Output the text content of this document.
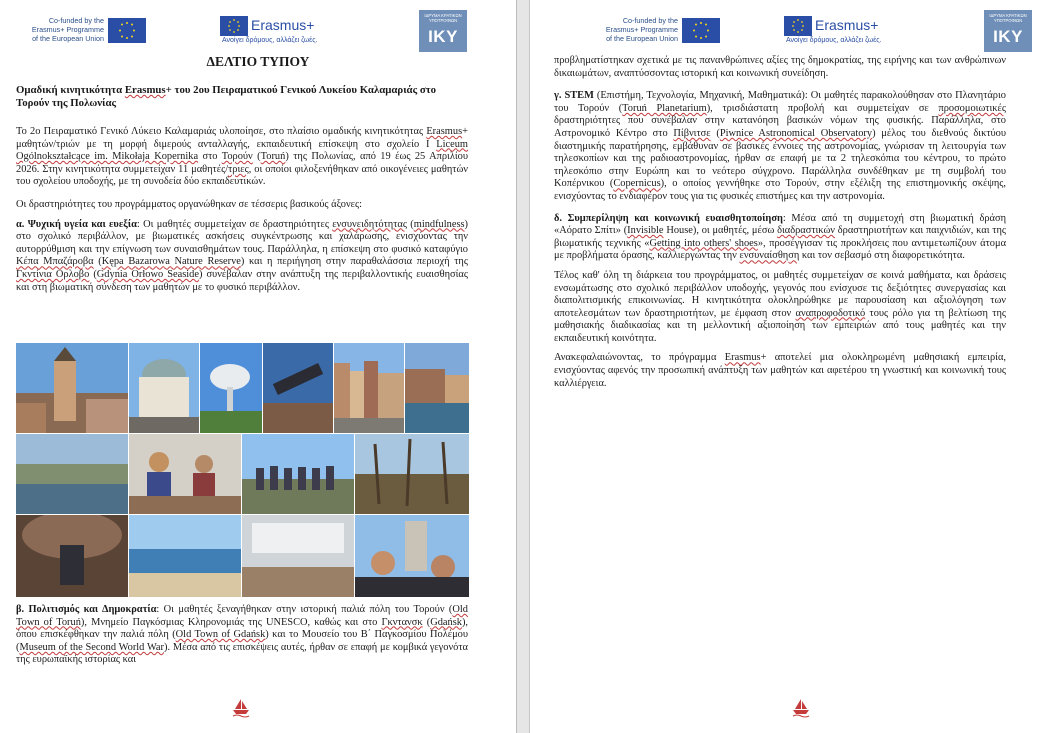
Co-funded by the
Erasmus+ Programme
of the European Union
Erasmus+
Ανοίγει δρόμους, αλλάζει ζωές.
ΙΔΡΥΜΑ ΚΡΑΤΙΚΩΝ ΥΠΟΤΡΟΦΙΩΝ
IKY
ΔΕΛΤΙΟ ΤΥΠΟΥ
Ομαδική κινητικότητα Erasmus+ του 2ου Πειραματικού Γενικού Λυκείου Καλαμαριάς στο Τορούν της Πολωνίας

Το 2ο Πειραματικό Γενικό Λύκειο Καλαμαριάς υλοποίησε, στο πλαίσιο ομαδικής κινητικότητας Erasmus+ μαθητών/τριών με τη μορφή διμερούς ανταλλαγής, εκπαιδευτική επίσκεψη στο σχολείο I Liceum Ogólnokształcące im. Mikołaja Kopernika στο Τορούν (Toruń) της Πολωνίας, από 19 έως 25 Απριλίου 2026. Στην κινητικότητα συμμετείχαν 11 μαθητές/τριες, οι οποίοι φιλοξενήθηκαν από οικογένειες μαθητών του σχολείου υποδοχής, με τη συνοδεία δύο εκπαιδευτικών.

Οι δραστηριότητες του προγράμματος οργανώθηκαν σε τέσσερις βασικούς άξονες:

α. Ψυχική υγεία και ευεξία: Οι μαθητές συμμετείχαν σε δραστηριότητες ενσυνειδητότητας (mindfulness) στο σχολικό περιβάλλον, με βιωματικές ασκήσεις συγκέντρωσης και χαλάρωσης, ενισχύοντας την αυτορρύθμιση και την επίγνωση των συναισθημάτων τους. Παράλληλα, η επίσκεψη στο φυσικό καταφύγιο Κέπα Μπαζάροβα (Kępa Bazarowa Nature Reserve) και η περιήγηση στην παραθαλάσσια περιοχή της Γκντίνια Ορλοβο (Gdynia Orłowo Seaside) συνέβαλαν στην ανάπτυξη της περιβαλλοντικής ευαισθησίας και στη βιωματική σύνδεση των μαθητών με το φυσικό περιβάλλον.

β. Πολιτισμός και Δημοκρατία: Οι μαθητές ξεναγήθηκαν στην ιστορική παλιά πόλη του Τορούν (Old Town of Toruń), Μνημείο Παγκόσμιας Κληρονομιάς της UNESCO, καθώς και στο Γκντανσκ (Gdańsk), όπου επισκέφθηκαν την παλιά πόλη (Old Town of Gdańsk) και το Μουσείο του Β΄ Παγκοσμίου Πολέμου (Museum of the Second World War). Μέσα από τις επισκέψεις αυτές, ήρθαν σε επαφή με κομβικά γεγονότα της ευρωπαϊκής ιστορίας και

Co-funded by the
Erasmus+ Programme
of the European Union
Erasmus+
Ανοίγει δρόμους, αλλάζει ζωές.
ΙΔΡΥΜΑ ΚΡΑΤΙΚΩΝ ΥΠΟΤΡΟΦΙΩΝ
IKY

προβληματίστηκαν σχετικά με τις πανανθρώπινες αξίες της δημοκρατίας, της ειρήνης και των ανθρώπινων δικαιωμάτων, αναπτύσσοντας ιστορική και κοινωνική συνείδηση.

γ. STEM (Επιστήμη, Τεχνολογία, Μηχανική, Μαθηματικά): Οι μαθητές παρακολούθησαν στο Πλανητάριο του Τορούν (Toruń Planetarium), τρισδιάστατη προβολή και συμμετείχαν σε προσομοιωτικές δραστηριότητες που συνέβαλαν στην κατανόηση βασικών νόμων της φυσικής. Παράλληλα, στο Αστρονομικό Κέντρο στο Πίβνιτσε (Piwnice Astronomical Observatory) μέλος του διεθνούς δικτύου διαστημικής παρατήρησης, εμβάθυναν σε βασικές έννοιες της αστρονομίας, γνώρισαν τη λειτουργία των τηλεσκοπίων και της ραδιοαστρονομίας, ήρθαν σε επαφή με τα 2 τηλεσκόπια του κέντρου, το πρώτο τηλεσκόπιο στην Ευρώπη και το νεότερο σύγχρονο. Παράλληλα συνδέθηκαν με τη συμβολή του Κοπέρνικου (Copernicus), ο οποίος γεννήθηκε στο Τορούν, στην εξέλιξη της επιστημονικής σκέψης, ενισχύοντας το ενδιαφέρον τους για τις φυσικές επιστήμες και την αστρονομία.

δ. Συμπερίληψη και κοινωνική ευαισθητοποίηση: Μέσα από τη συμμετοχή στη βιωματική δράση «Αόρατο Σπίτι» (Invisible House), οι μαθητές, μέσω διαδραστικών δραστηριοτήτων και παιχνιδιών, και της βιωματικής τεχνικής «Getting into others' shoes», προσέγγισαν τις προκλήσεις που αντιμετωπίζουν άτομα με προβλήματα όρασης, καλλιεργώντας την ενσυναίσθηση και τον σεβασμό στη διαφορετικότητα.

Τέλος καθ' όλη τη διάρκεια του προγράμματος, οι μαθητές συμμετείχαν σε κοινά μαθήματα, και δράσεις ενσωμάτωσης στο σχολικό περιβάλλον υποδοχής, γεγονός που ενίσχυσε τις δεξιότητες συνεργασίας και διαπολιτισμικής επικοινωνίας. Η κινητικότητα ολοκληρώθηκε με παρουσίαση και αξιολόγηση των αποτελεσμάτων των δραστηριοτήτων, με έμφαση στον αναπροφοδοτικό τους ρόλο για τη βελτίωση της μαθησιακής διαδικασίας και τη μελλοντική αξιοποίηση των εμπειριών από τους μαθητές και την εκπαιδευτική κοινότητα.

Ανακεφαλαιώνοντας, το πρόγραμμα Erasmus+ αποτελεί μια ολοκληρωμένη μαθησιακή εμπειρία, ενισχύοντας αφενός την προσωπική ανάπτυξη των μαθητών και αφετέρου τη γνωστική και κοινωνική τους καλλιέργεια.
